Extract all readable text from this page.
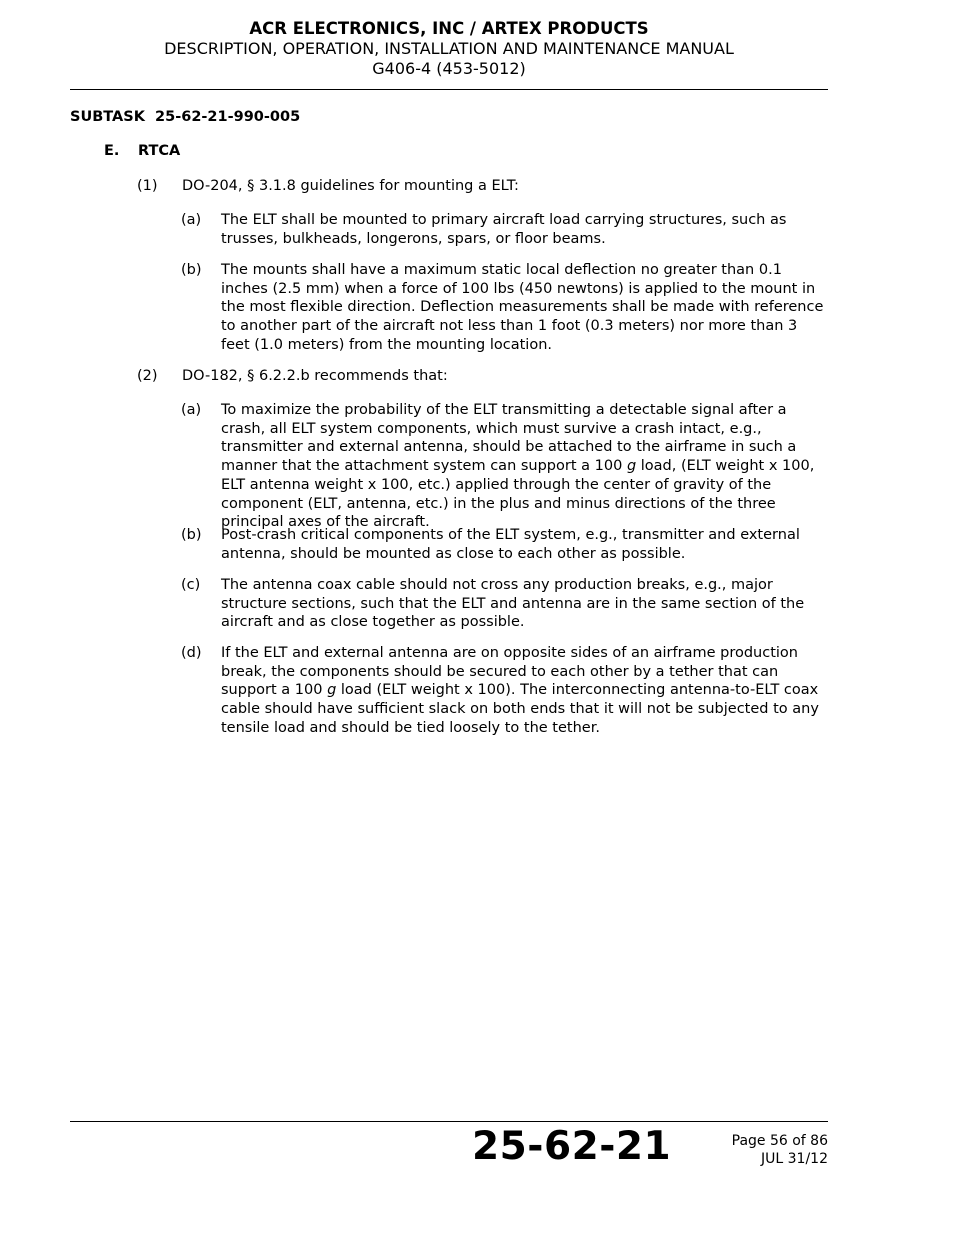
ACR ELECTRONICS, INC / ARTEX PRODUCTS
DESCRIPTION, OPERATION, INSTALLATION AND MAINTENANCE MANUAL
G406-4 (453-5012)
SUBTASK  25-62-21-990-005
E. RTCA
(1) DO-204, § 3.1.8 guidelines for mounting a ELT:
(a) The ELT shall be mounted to primary aircraft load carrying structures, such as trusses, bulkheads, longerons, spars, or floor beams.
(b) The mounts shall have a maximum static local deflection no greater than 0.1 inches (2.5 mm) when a force of 100 lbs (450 newtons) is applied to the mount in the most flexible direction. Deflection measurements shall be made with reference to another part of the aircraft not less than 1 foot (0.3 meters) nor more than 3 feet (1.0 meters) from the mounting location.
(2) DO-182, § 6.2.2.b recommends that:
(a) To maximize the probability of the ELT transmitting a detectable signal after a crash, all ELT system components, which must survive a crash intact, e.g., transmitter and external antenna, should be attached to the airframe in such a manner that the attachment system can support a 100 g load, (ELT weight x 100, ELT antenna weight x 100, etc.) applied through the center of gravity of the component (ELT, antenna, etc.) in the plus and minus directions of the three principal axes of the aircraft.
(b) Post-crash critical components of the ELT system, e.g., transmitter and external antenna, should be mounted as close to each other as possible.
(c) The antenna coax cable should not cross any production breaks, e.g., major structure sections, such that the ELT and antenna are in the same section of the aircraft and as close together as possible.
(d) If the ELT and external antenna are on opposite sides of an airframe production break, the components should be secured to each other by a tether that can support a 100 g load (ELT weight x 100). The interconnecting antenna-to-ELT coax cable should have sufficient slack on both ends that it will not be subjected to any tensile load and should be tied loosely to the tether.
25-62-21	Page 56 of 86
JUL 31/12
